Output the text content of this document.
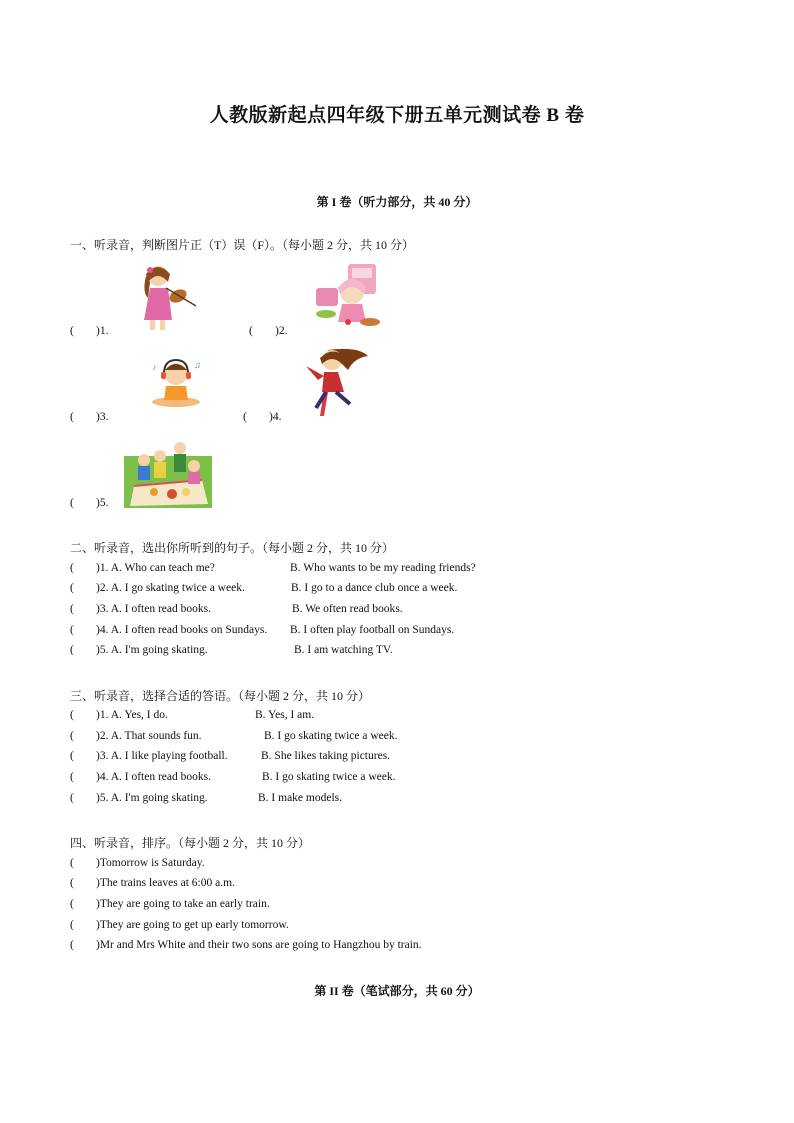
人教版新起点四年级下册五单元测试卷 B 卷
第 I 卷（听力部分，共 40 分）
一、听录音，判断图片正（T）误（F）。（每小题 2 分，共 10 分）
( )1.	( )2.
♪	♫
( )3.	( )4.
( )5.
二、听录音，选出你所听到的句子。（每小题 2 分，共 10 分）
( )1. A. Who can teach me?	B. Who wants to be my reading friends?
( )2. A. I go skating twice a week.	B. I go to a dance club once a week.
( )3. A. I often read books.	B. We often read books.
( )4. A. I often read books on Sundays. B. I often play football on Sundays.
( )5. A. I'm going skating.	B. I am watching TV.
三、听录音，选择合适的答语。（每小题 2 分，共 10 分）
( )1. A. Yes, I do.	B. Yes, I am.
( )2. A. That sounds fun.	B. I go skating twice a week.
( )3. A. I like playing football.	B. She likes taking pictures.
( )4. A. I often read books.	B. I go skating twice a week.
( )5. A. I'm going skating.	B. I make models.
四、听录音，排序。（每小题 2 分，共 10 分）
( )Tomorrow is Saturday.
( )The trains leaves at 6:00 a.m.
( )They are going to take an early train.
( )They are going to get up early tomorrow.
( )Mr and Mrs White and their two sons are going to Hangzhou by train.
第 II 卷（笔试部分，共 60 分）
